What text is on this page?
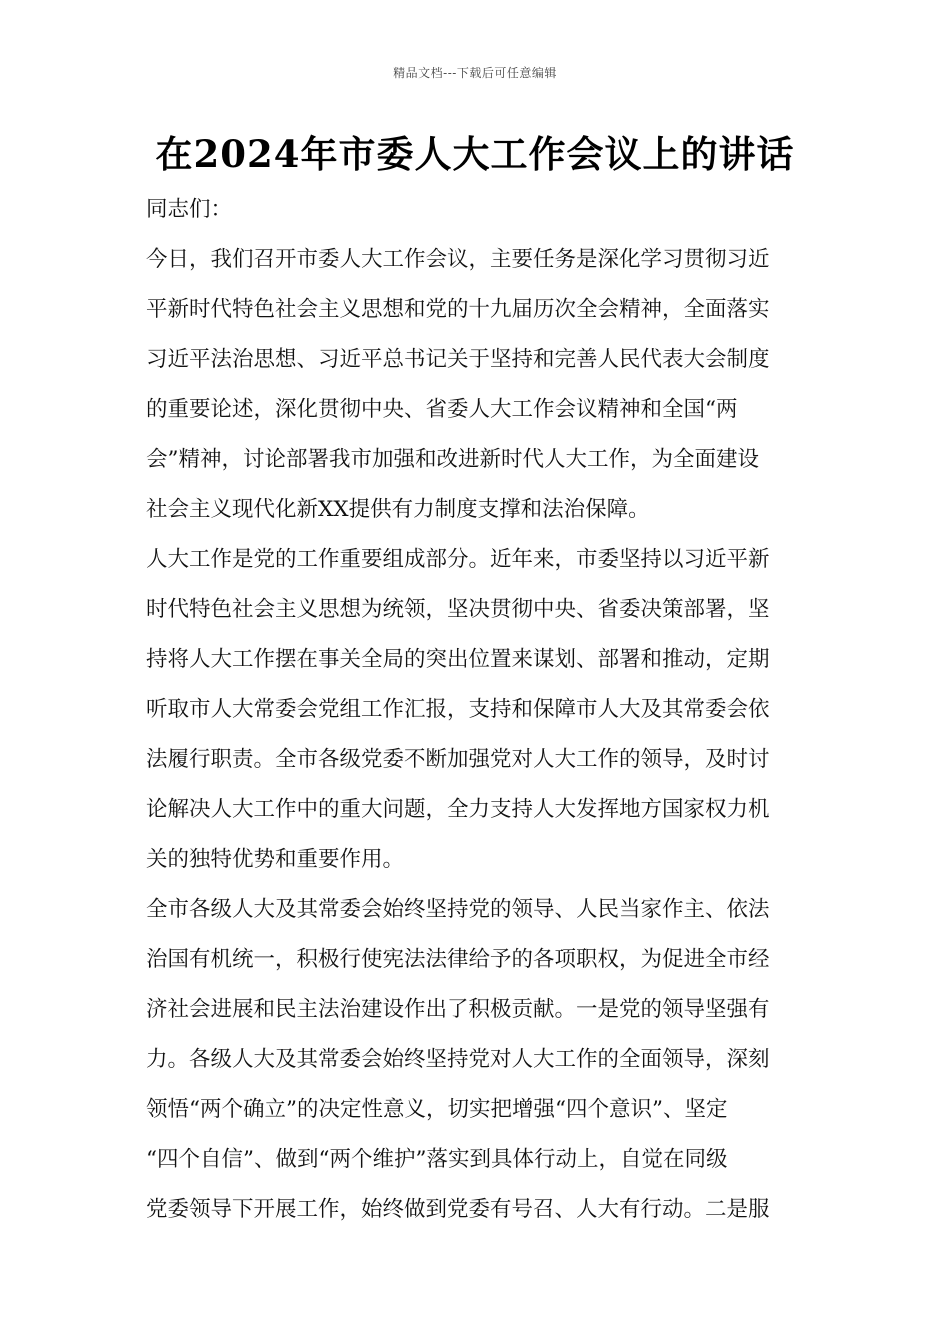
精品文档---下载后可任意编辑
在2024年市委人大工作会议上的讲话
同志们：
今日，我们召开市委人大工作会议，主要任务是深化学习贯彻习近
平新时代特色社会主义思想和党的十九届历次全会精神，全面落实
习近平法治思想、习近平总书记关于坚持和完善人民代表大会制度
的重要论述，深化贯彻中央、省委人大工作会议精神和全国“两
会”精神，讨论部署我市加强和改进新时代人大工作，为全面建设
社会主义现代化新XX提供有力制度支撑和法治保障。
人大工作是党的工作重要组成部分。近年来，市委坚持以习近平新
时代特色社会主义思想为统领，坚决贯彻中央、省委决策部署，坚
持将人大工作摆在事关全局的突出位置来谋划、部署和推动，定期
听取市人大常委会党组工作汇报，支持和保障市人大及其常委会依
法履行职责。全市各级党委不断加强党对人大工作的领导，及时讨
论解决人大工作中的重大问题，全力支持人大发挥地方国家权力机
关的独特优势和重要作用。
全市各级人大及其常委会始终坚持党的领导、人民当家作主、依法
治国有机统一，积极行使宪法法律给予的各项职权，为促进全市经
济社会进展和民主法治建设作出了积极贡献。一是党的领导坚强有
力。各级人大及其常委会始终坚持党对人大工作的全面领导，深刻
领悟“两个确立”的决定性意义，切实把增强“四个意识”、坚定
“四个自信”、做到“两个维护”落实到具体行动上，自觉在同级
党委领导下开展工作，始终做到党委有号召、人大有行动。二是服
